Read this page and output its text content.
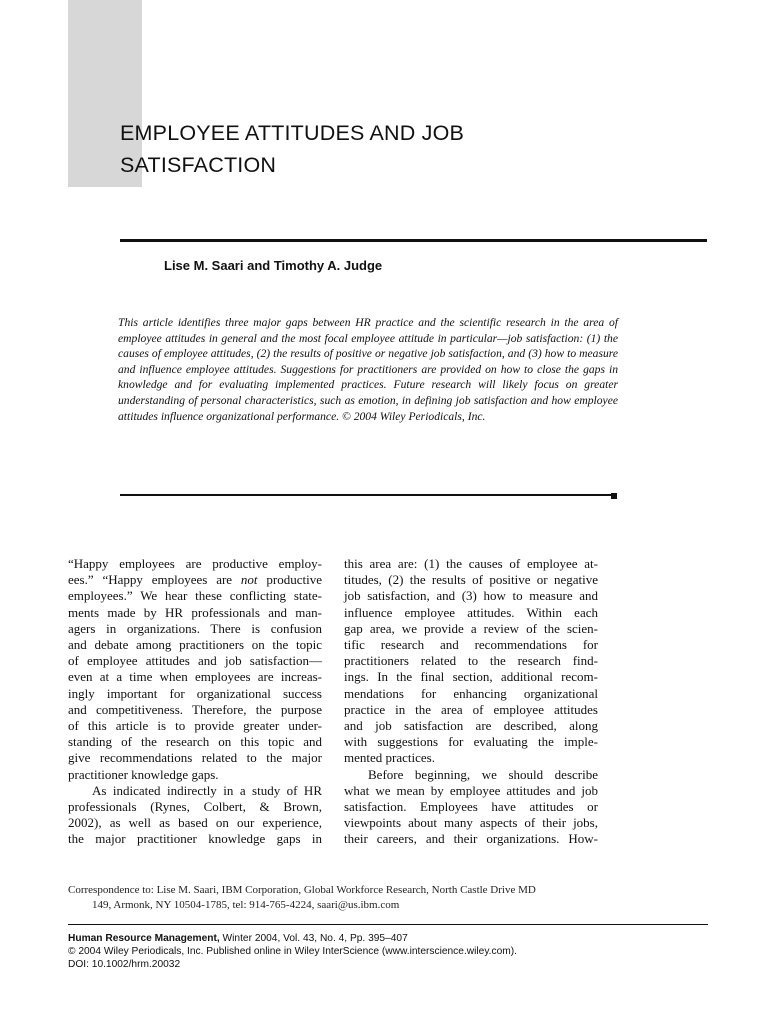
EMPLOYEE ATTITUDES AND JOB
SATISFACTION
Lise M. Saari and Timothy A. Judge

This article identifies three major gaps between HR practice and the scientific research in the area of employee attitudes in general and the most focal employee attitude in particular—job satisfaction: (1) the causes of employee attitudes, (2) the results of positive or negative job satisfaction, and (3) how to measure and influence employee attitudes. Suggestions for practitioners are provided on how to close the gaps in knowledge and for evaluating implemented practices. Future research will likely focus on greater understanding of personal characteristics, such as emotion, in defining job satisfaction and how employee attitudes influence organizational performance. © 2004 Wiley Periodicals, Inc.

“Happy employees are productive employ-
ees.” “Happy employees are not productive
employees.” We hear these conflicting state-
ments made by HR professionals and man-
agers in organizations. There is confusion
and debate among practitioners on the topic
of employee attitudes and job satisfaction—
even at a time when employees are increas-
ingly important for organizational success
and competitiveness. Therefore, the purpose
of this article is to provide greater under-
standing of the research on this topic and
give recommendations related to the major
practitioner knowledge gaps.

As indicated indirectly in a study of HR
professionals (Rynes, Colbert, & Brown,
2002), as well as based on our experience,
the major practitioner knowledge gaps in

this area are: (1) the causes of employee at-
titudes, (2) the results of positive or negative
job satisfaction, and (3) how to measure and
influence employee attitudes. Within each
gap area, we provide a review of the scien-
tific research and recommendations for
practitioners related to the research find-
ings. In the final section, additional recom-
mendations for enhancing organizational
practice in the area of employee attitudes
and job satisfaction are described, along
with suggestions for evaluating the imple-
mented practices.

Before beginning, we should describe
what we mean by employee attitudes and job
satisfaction. Employees have attitudes or
viewpoints about many aspects of their jobs,
their careers, and their organizations. How-

Correspondence to: Lise M. Saari, IBM Corporation, Global Workforce Research, North Castle Drive MD
149, Armonk, NY 10504-1785, tel: 914-765-4224, saari@us.ibm.com
Human Resource Management, Winter 2004, Vol. 43, No. 4, Pp. 395–407
© 2004 Wiley Periodicals, Inc. Published online in Wiley InterScience (www.interscience.wiley.com).
DOI: 10.1002/hrm.20032
